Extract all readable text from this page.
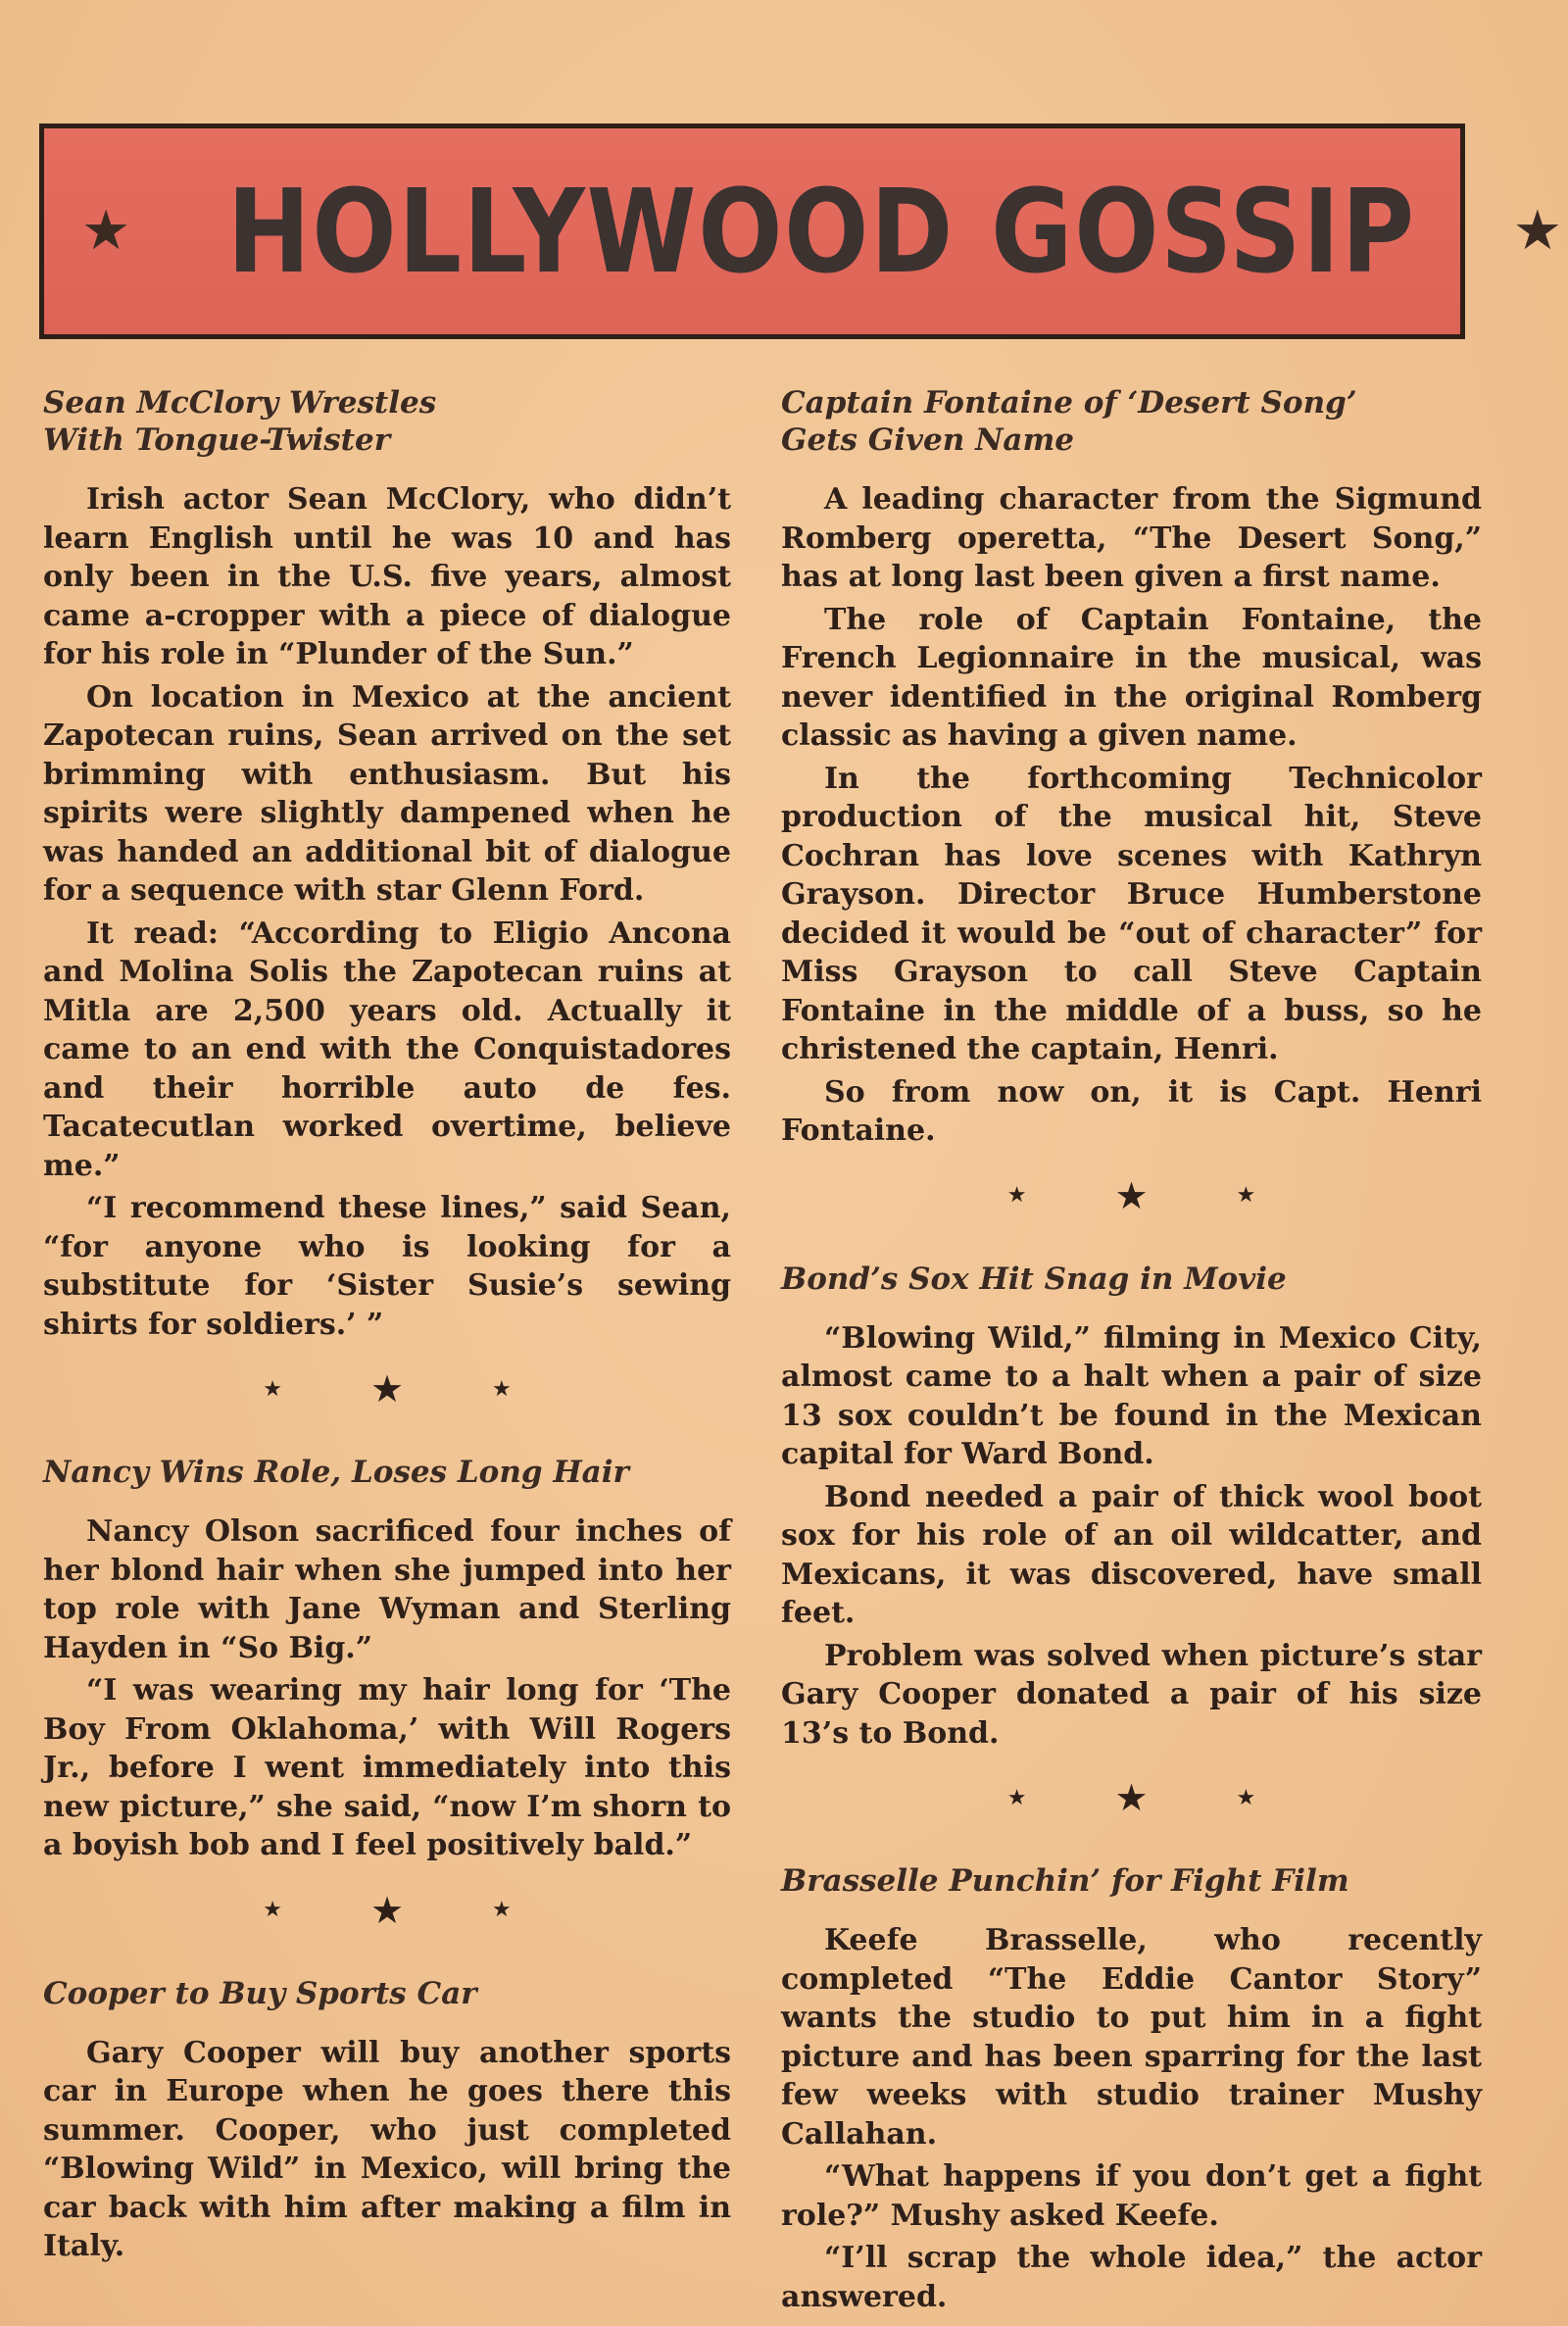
★ HOLLYWOOD GOSSIP ★
Sean McClory Wrestles
With Tongue-Twister

Irish actor Sean McClory, who didn’t learn English until he was 10 and has only been in the U.S. five years, almost came a-cropper with a piece of dialogue for his role in “Plunder of the Sun.”

On location in Mexico at the ancient Zapotecan ruins, Sean arrived on the set brimming with enthusiasm. But his spirits were slightly dampened when he was handed an additional bit of dialogue for a sequence with star Glenn Ford.

It read: “According to Eligio Ancona and Molina Solis the Zapotecan ruins at Mitla are 2,500 years old. Actually it came to an end with the Conquistadores and their horrible auto de fes. Tacatecutlan worked overtime, believe me.”

“I recommend these lines,” said Sean, “for anyone who is looking for a substitute for ‘Sister Susie’s sewing shirts for soldiers.’ ”

★ ★	★
Nancy Wins Role, Loses Long Hair

Nancy Olson sacrificed four inches of her blond hair when she jumped into her top role with Jane Wyman and Sterling Hayden in “So Big.”

“I was wearing my hair long for ‘The Boy From Oklahoma,’ with Will Rogers Jr., before I went immediately into this new picture,” she said, “now I’m shorn to a boyish bob and I feel positively bald.”

★ ★	★
Cooper to Buy Sports Car

Gary Cooper will buy another sports car in Europe when he goes there this summer. Cooper, who just completed “Blowing Wild” in Mexico, will bring the car back with him after making a film in Italy.

Captain Fontaine of ‘Desert Song’
Gets Given Name

A leading character from the Sigmund Romberg operetta, “The Desert Song,” has at long last been given a first name.

The role of Captain Fontaine, the French Legionnaire in the musical, was never identified in the original Romberg classic as having a given name.

In the forthcoming Technicolor production of the musical hit, Steve Cochran has love scenes with Kathryn Grayson. Director Bruce Humberstone decided it would be “out of character” for Miss Grayson to call Steve Captain Fontaine in the middle of a buss, so he christened the captain, Henri.

So from now on, it is Capt. Henri Fontaine.

★ ★	★
Bond’s Sox Hit Snag in Movie

“Blowing Wild,” filming in Mexico City, almost came to a halt when a pair of size 13 sox couldn’t be found in the Mexican capital for Ward Bond.

Bond needed a pair of thick wool boot sox for his role of an oil wildcatter, and Mexicans, it was discovered, have small feet.

Problem was solved when picture’s star Gary Cooper donated a pair of his size 13’s to Bond.

★ ★	★
Brasselle Punchin’ for Fight Film

Keefe Brasselle, who recently completed “The Eddie Cantor Story” wants the studio to put him in a fight picture and has been sparring for the last few weeks with studio trainer Mushy Callahan.

“What happens if you don’t get a fight role?” Mushy asked Keefe.

“I’ll scrap the whole idea,” the actor answered.
